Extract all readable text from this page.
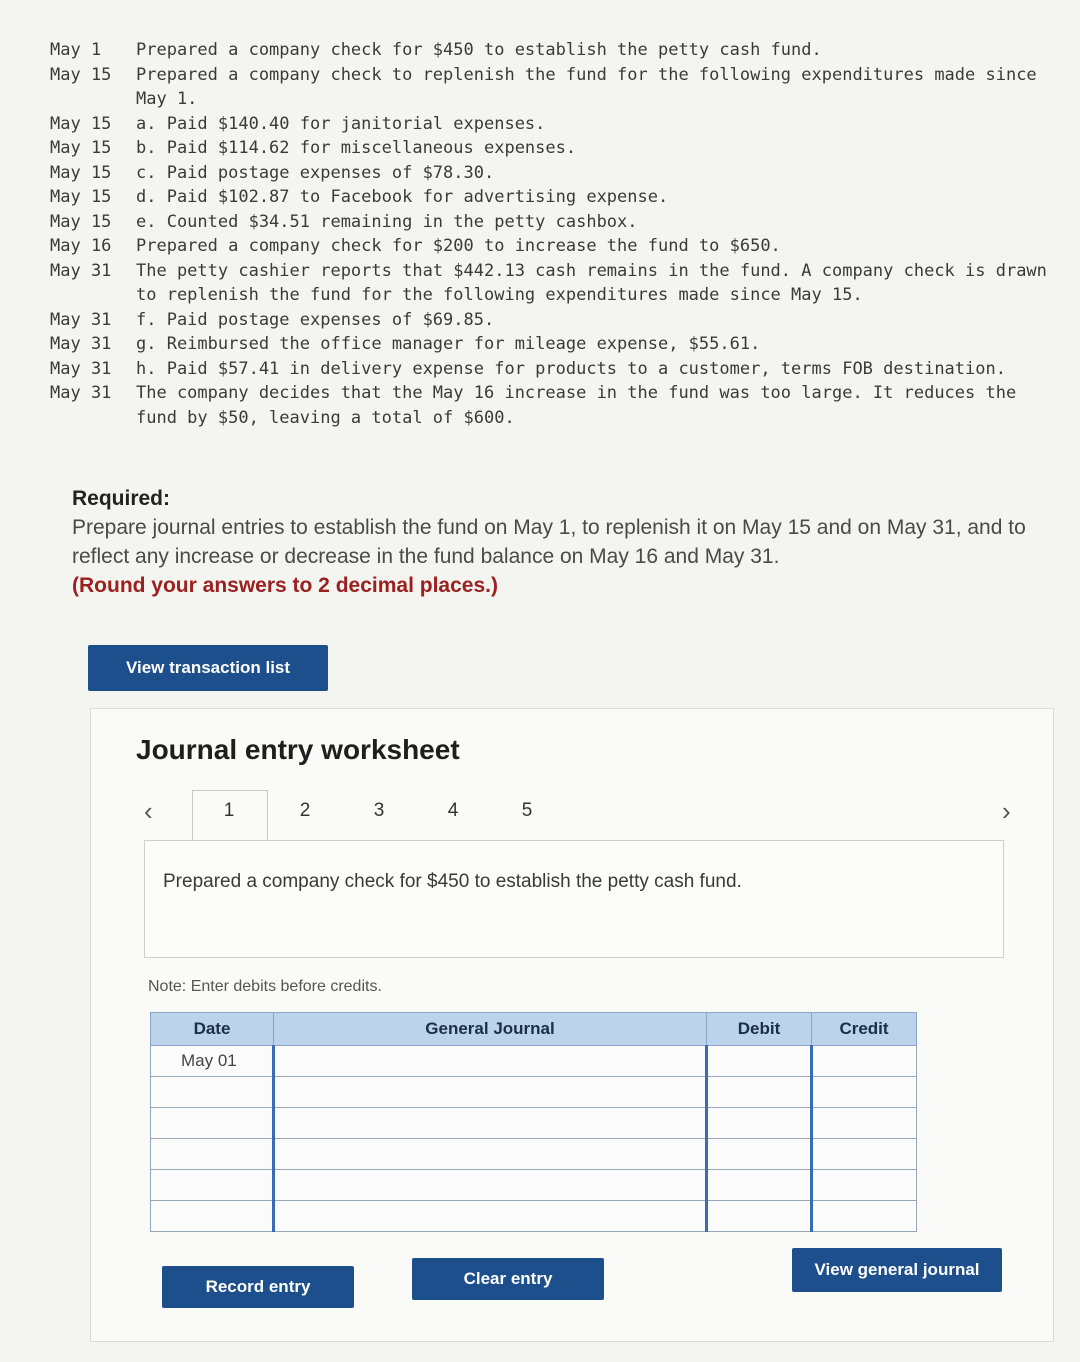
May 1	Prepared a company check for $450 to establish the petty cash fund.
May 15	Prepared a company check to replenish the fund for the following expenditures made since May 1.
May 15	a. Paid $140.40 for janitorial expenses.
May 15	b. Paid $114.62 for miscellaneous expenses.
May 15	c. Paid postage expenses of $78.30.
May 15	d. Paid $102.87 to Facebook for advertising expense.
May 15	e. Counted $34.51 remaining in the petty cashbox.
May 16	Prepared a company check for $200 to increase the fund to $650.
May 31	The petty cashier reports that $442.13 cash remains in the fund. A company check is drawn to replenish the fund for the following expenditures made since May 15.
May 31	f. Paid postage expenses of $69.85.
May 31	g. Reimbursed the office manager for mileage expense, $55.61.
May 31	h. Paid $57.41 in delivery expense for products to a customer, terms FOB destination.
May 31	The company decides that the May 16 increase in the fund was too large. It reduces the fund by $50, leaving a total of $600.
Required:
Prepare journal entries to establish the fund on May 1, to replenish it on May 15 and on May 31, and to reflect any increase or decrease in the fund balance on May 16 and May 31.
(Round your answers to 2 decimal places.)
View transaction list
Journal entry worksheet
‹	1	2	3	4	5	›
Prepared a company check for $450 to establish the petty cash fund.
Note: Enter debits before credits.
Date	General Journal	Debit	Credit
May 01			

Record entry	Clear entry	View general journal
